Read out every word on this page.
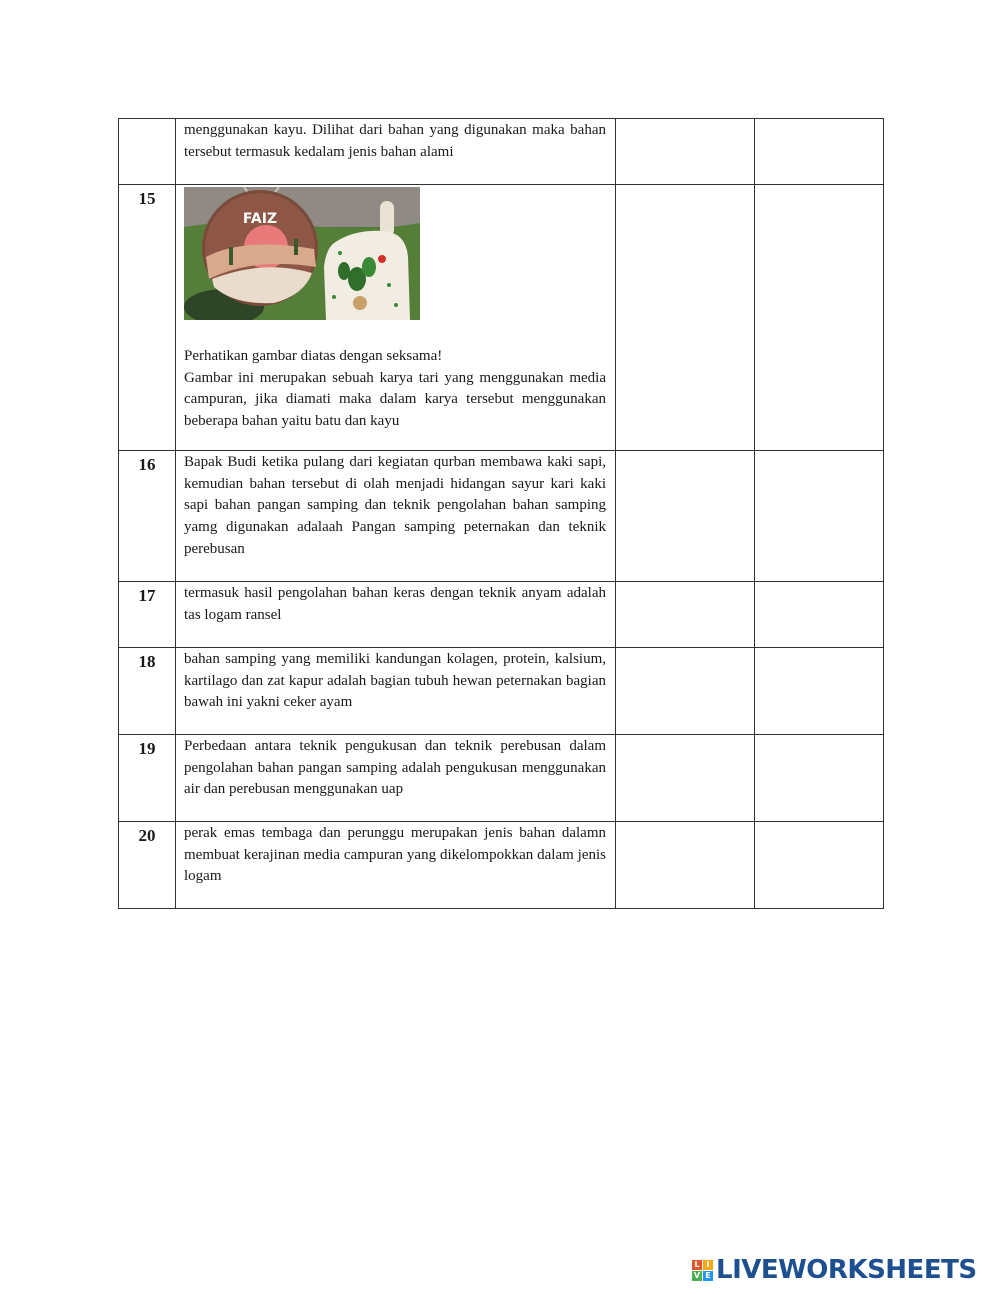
	menggunakan kayu. Dilihat dari bahan yang digunakan maka bahan tersebut termasuk kedalam jenis bahan alami		

15	FAIZ

Perhatikan gambar diatas dengan seksama!

Gambar ini merupakan sebuah karya tari yang menggunakan media campuran, jika diamati maka dalam karya tersebut menggunakan beberapa bahan yaitu batu dan kayu		

16	Bapak Budi ketika pulang dari kegiatan qurban membawa kaki sapi, kemudian bahan tersebut di olah menjadi hidangan sayur kari kaki sapi bahan pangan samping dan teknik pengolahan bahan samping yamg digunakan adalaah Pangan samping peternakan dan teknik perebusan		

17	termasuk hasil pengolahan bahan keras dengan teknik anyam adalah tas logam ransel		

18	bahan samping yang memiliki kandungan kolagen, protein, kalsium, kartilago dan zat kapur adalah bagian tubuh hewan peternakan bagian bawah ini yakni ceker ayam		

19	Perbedaan antara teknik pengukusan dan teknik perebusan dalam pengolahan bahan pangan samping adalah pengukusan menggunakan air dan perebusan menggunakan uap		

20	perak emas tembaga dan perunggu merupakan jenis bahan dalamn membuat kerajinan media campuran yang dikelompokkan dalam jenis logam		

L I
V E LIVEWORKSHEETS
